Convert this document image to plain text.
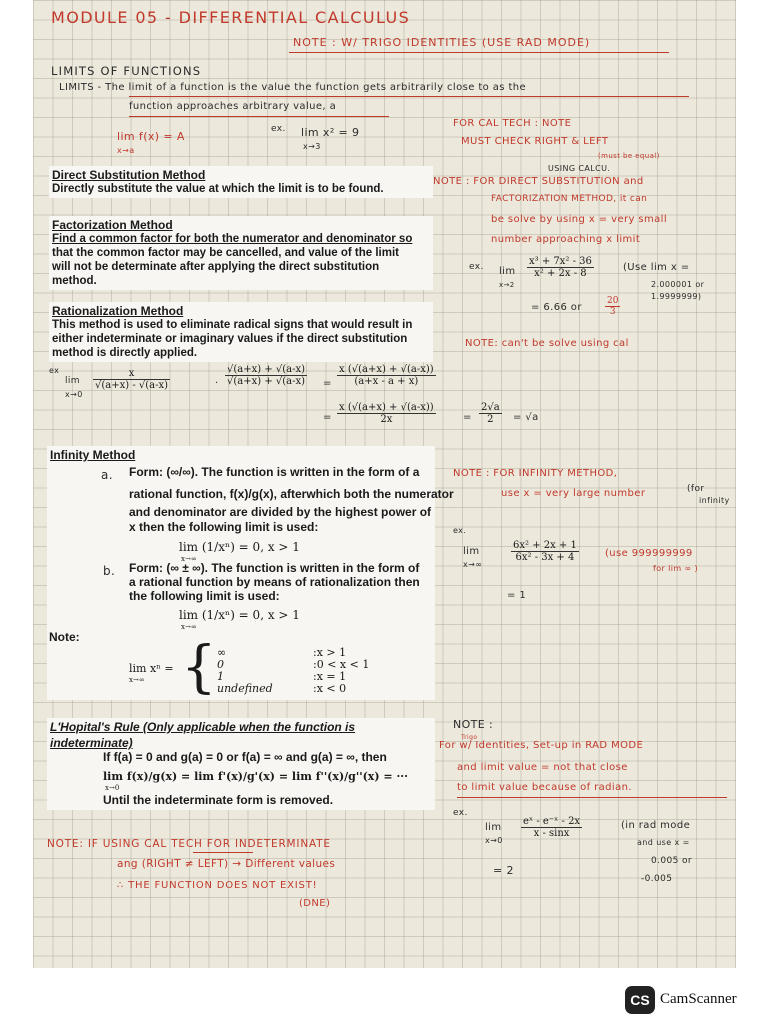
MODULE 05 - DIFFERENTIAL CALCULUS
NOTE : W/ TRIGO IDENTITIES (USE RAD MODE)
LIMITS OF FUNCTIONS
LIMITS - The limit of a function is the value the function gets arbitrarily close to as the
function approaches arbitrary value, a
lim f(x) = A
x→a
ex. lim x² = 9
x→3
FOR CAL TECH : NOTE
MUST CHECK RIGHT & LEFT
(must be equal)
USING CALCU.
Direct Substitution Method
Directly substitute the value at which the limit is to be found.
NOTE : FOR DIRECT SUBSTITUTION and
FACTORIZATION METHOD, it can
be solve by using x = very small
number approaching x limit
Factorization Method
Find a common factor for both the numerator and denominator so
that the common factor may be cancelled, and value of the limit
will not be determinate after applying the direct substitution
method.
ex. lim
x→2
$\frac{\text{x³ + 7x² - 36}}{\text{x² + 2x - 8}}$	(Use lim x =
2.000001 or
1.9999999)
= 6.66 or	$\frac{20}{3}$
Rationalization Method
This method is used to eliminate radical signs that would result in
either indeterminate or imaginary values if the direct substitution
method is directly applied.
NOTE: can't be solve using cal
ex
lim
x→0
$\frac{x}{√(a+x) - √(a-x)}$	· $\frac{√(a+x) + √(a-x)}{√(a+x) + √(a-x)} = \frac{x (√(a+x) + √(a-x))}{(a+x - a + x)}$
= $\frac{x (√(a+x) + √(a-x))}{2x}$	= $\frac{2√a}{2} = √a$
Infinity Method
a. Form: (∞/∞). The function is written in the form of a
rational function, f(x)/g(x), afterwhich both the numerator
and denominator are divided by the highest power of
x then the following limit is used:
lim (1/xⁿ) = 0, x > 1
x→∞
b. Form: (∞ ± ∞). The function is written in the form of
a rational function by means of rationalization then
the following limit is used:
lim (1/xⁿ) = 0, x > 1
x→∞
Note:
lim xⁿ =
x→∞ { ∞	:x > 1
0	:0 < x < 1
1	:x = 1
undefined	:x < 0
NOTE : FOR INFINITY METHOD,
use x = very large number	(for
infinity
ex.
lim
x→∞
$\frac{\text{6x² + 2x + 1}}{\text{6x² - 3x + 4}}$	(use 999999999
for lim ∞ )
= 1
L'Hopital's Rule (Only applicable when the function is
indeterminate)
If f(a) = 0 and g(a) = 0 or f(a) = ∞ and g(a) = ∞, then
lim f(x)/g(x) = lim f'(x)/g'(x) = lim f''(x)/g''(x) = ···
x→0
Until the indeterminate form is removed.
NOTE :
Trigo
For w/ Identities, Set-up in RAD MODE
and limit value = not that close
to limit value because of radian.
ex.
lim
x→0
$\frac{\text{eˣ - e⁻ˣ - 2x}}{x - \sin x}$	(in rad mode
and use x =
0.005 or
-0.005
= 2
NOTE: IF USING CAL TECH FOR INDETERMINATE
ang (RIGHT ≠ LEFT) → Different values
∴ THE FUNCTION DOES NOT EXIST!
(DNE)
CS CamScanner
